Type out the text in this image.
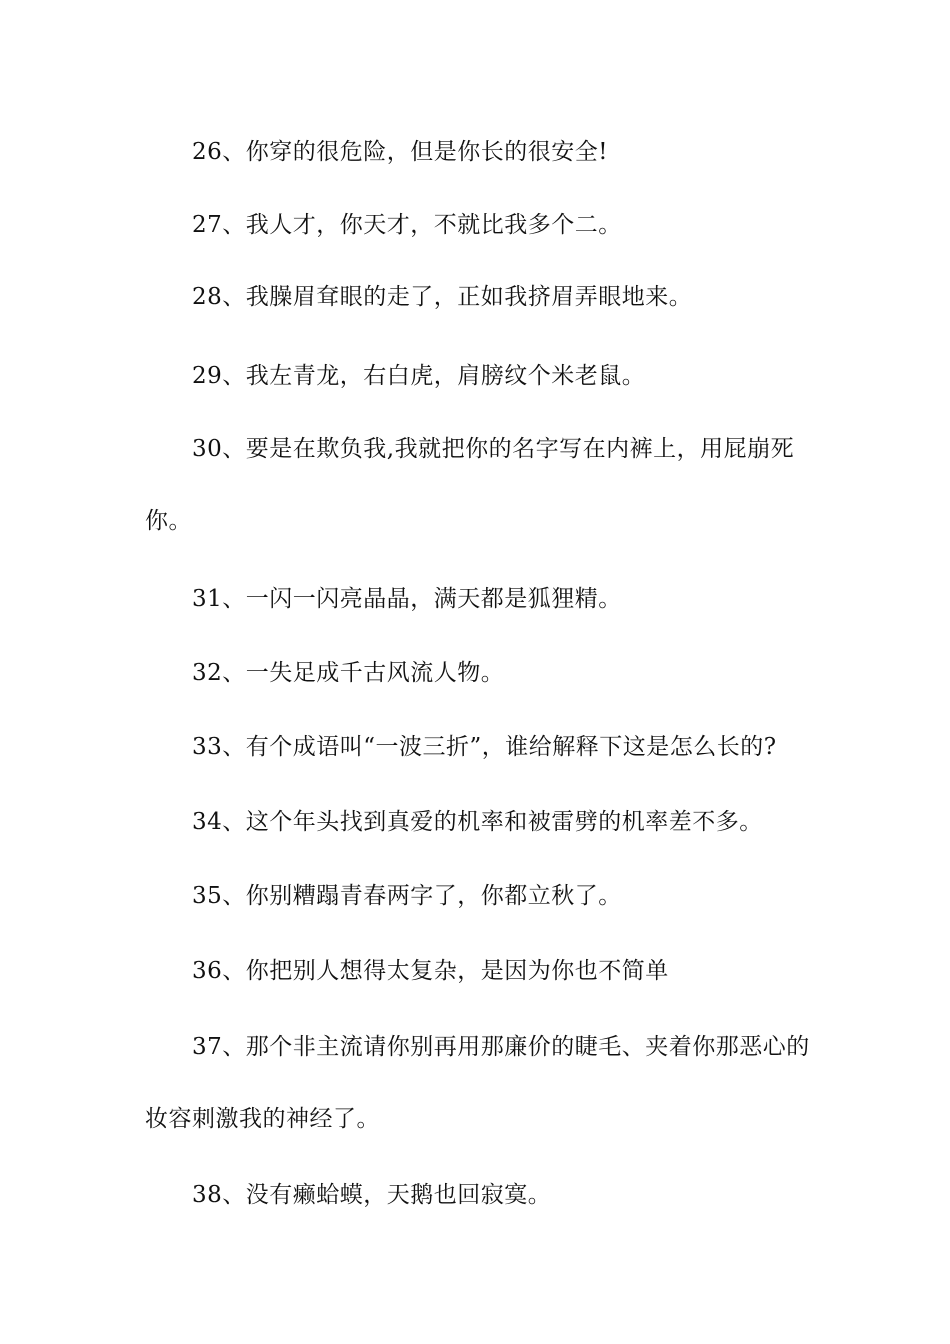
26、你穿的很危险，但是你长的很安全!

27、我人才，你天才，不就比我多个二。

28、我臊眉耷眼的走了，正如我挤眉弄眼地来。

29、我左青龙，右白虎，肩膀纹个米老鼠。

30、要是在欺负我,我就把你的名字写在内裤上，用屁崩死你。

31、一闪一闪亮晶晶，满天都是狐狸精。

32、一失足成千古风流人物。

33、有个成语叫“一波三折”，谁给解释下这是怎么长的?

34、这个年头找到真爱的机率和被雷劈的机率差不多。

35、你别糟蹋青春两字了，你都立秋了。

36、你把别人想得太复杂，是因为你也不简单

37、那个非主流请你别再用那廉价的睫毛、夹着你那恶心的妆容刺激我的神经了。

38、没有癞蛤蟆，天鹅也回寂寞。
